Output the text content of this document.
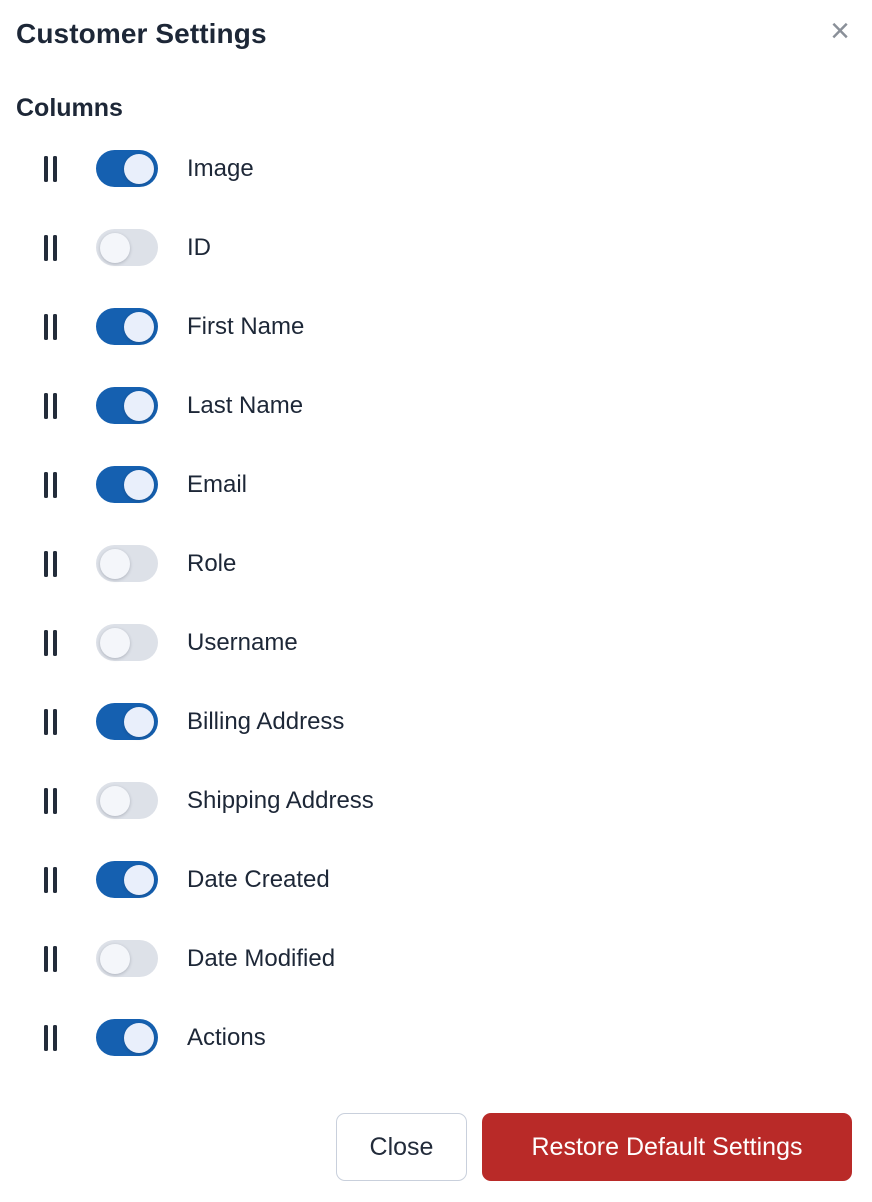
Customer Settings	×
Columns
Image
ID
First Name
Last Name
Email
Role
Username
Billing Address
Shipping Address
Date Created
Date Modified
Actions
Close	Restore Default Settings
